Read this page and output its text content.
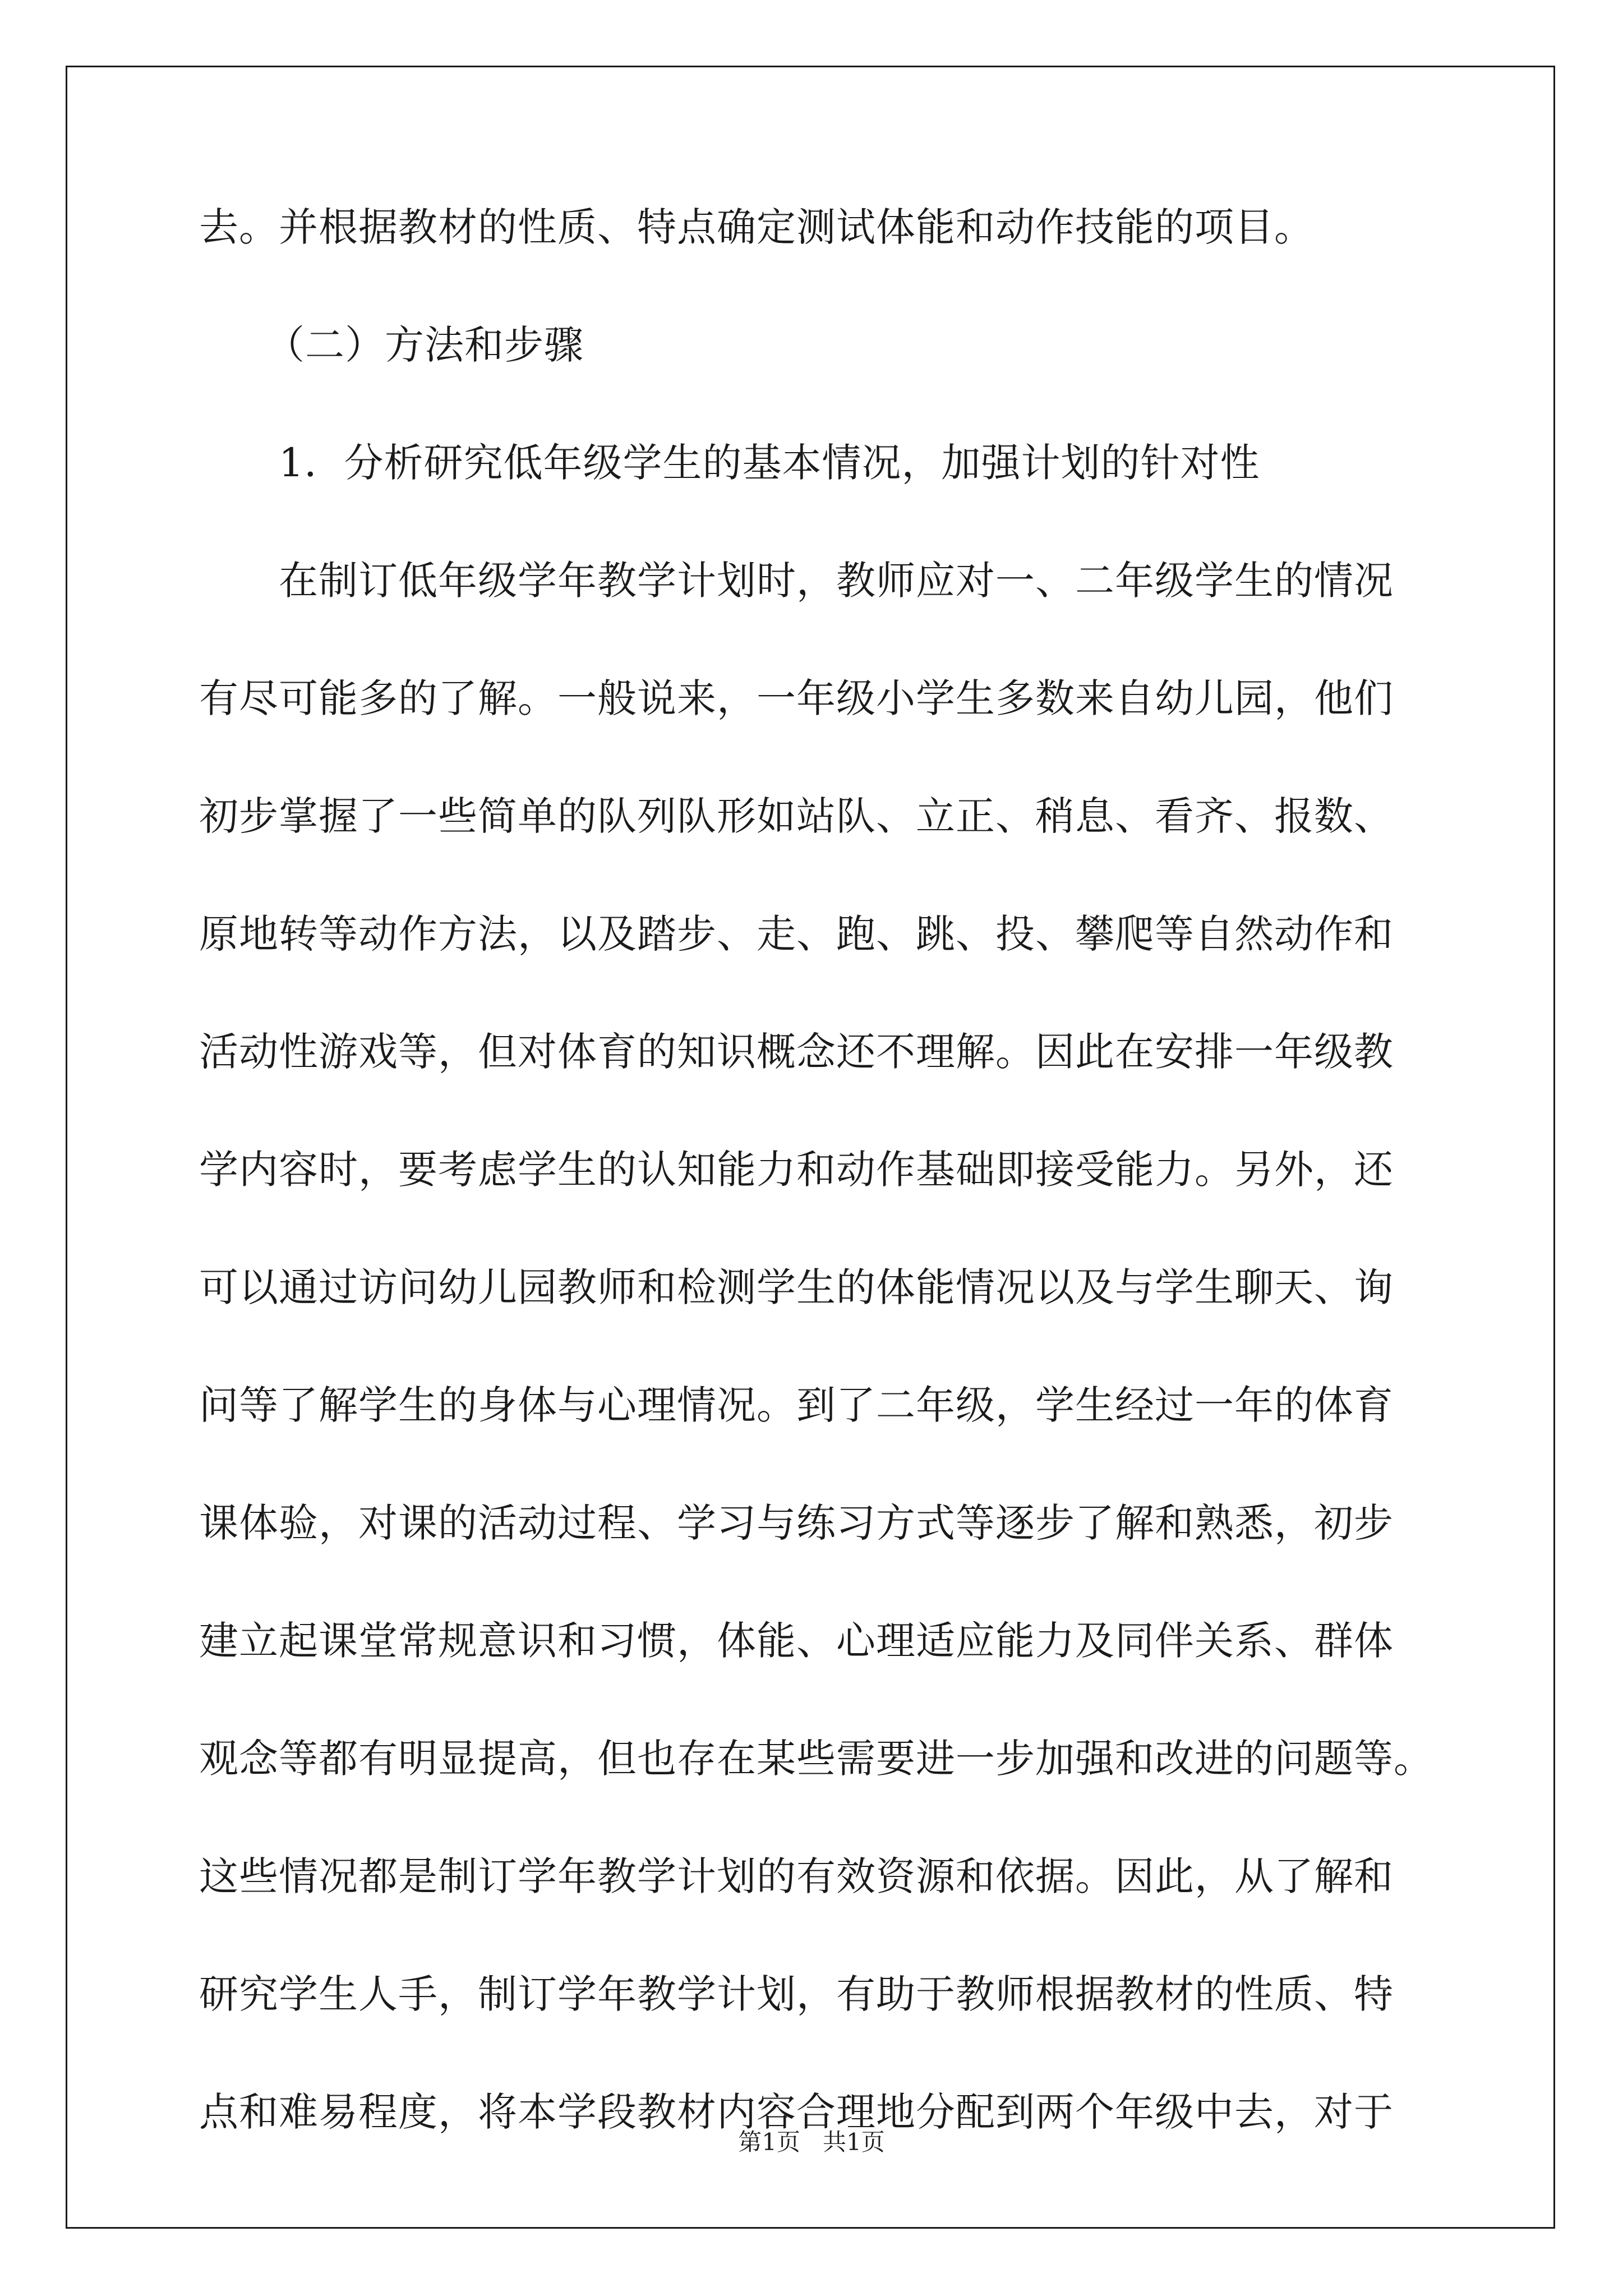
去。并根据教材的性质、特点确定测试体能和动作技能的项目。
（二）方法和步骤
1．分析研究低年级学生的基本情况，加强计划的针对性
在制订低年级学年教学计划时，教师应对一、二年级学生的情况
有尽可能多的了解。一般说来，一年级小学生多数来自幼儿园，他们
初步掌握了一些简单的队列队形如站队、立正、稍息、看齐、报数、
原地转等动作方法，以及踏步、走、跑、跳、投、攀爬等自然动作和
活动性游戏等，但对体育的知识概念还不理解。因此在安排一年级教
学内容时，要考虑学生的认知能力和动作基础即接受能力。另外，还
可以通过访问幼儿园教师和检测学生的体能情况以及与学生聊天、询
问等了解学生的身体与心理情况。到了二年级，学生经过一年的体育
课体验，对课的活动过程、学习与练习方式等逐步了解和熟悉，初步
建立起课堂常规意识和习惯，体能、心理适应能力及同伴关系、群体
观念等都有明显提高，但也存在某些需要进一步加强和改进的问题等。
这些情况都是制订学年教学计划的有效资源和依据。因此，从了解和
研究学生人手，制订学年教学计划，有助于教师根据教材的性质、特
点和难易程度，将本学段教材内容合理地分配到两个年级中去，对于
第1页   共1页
